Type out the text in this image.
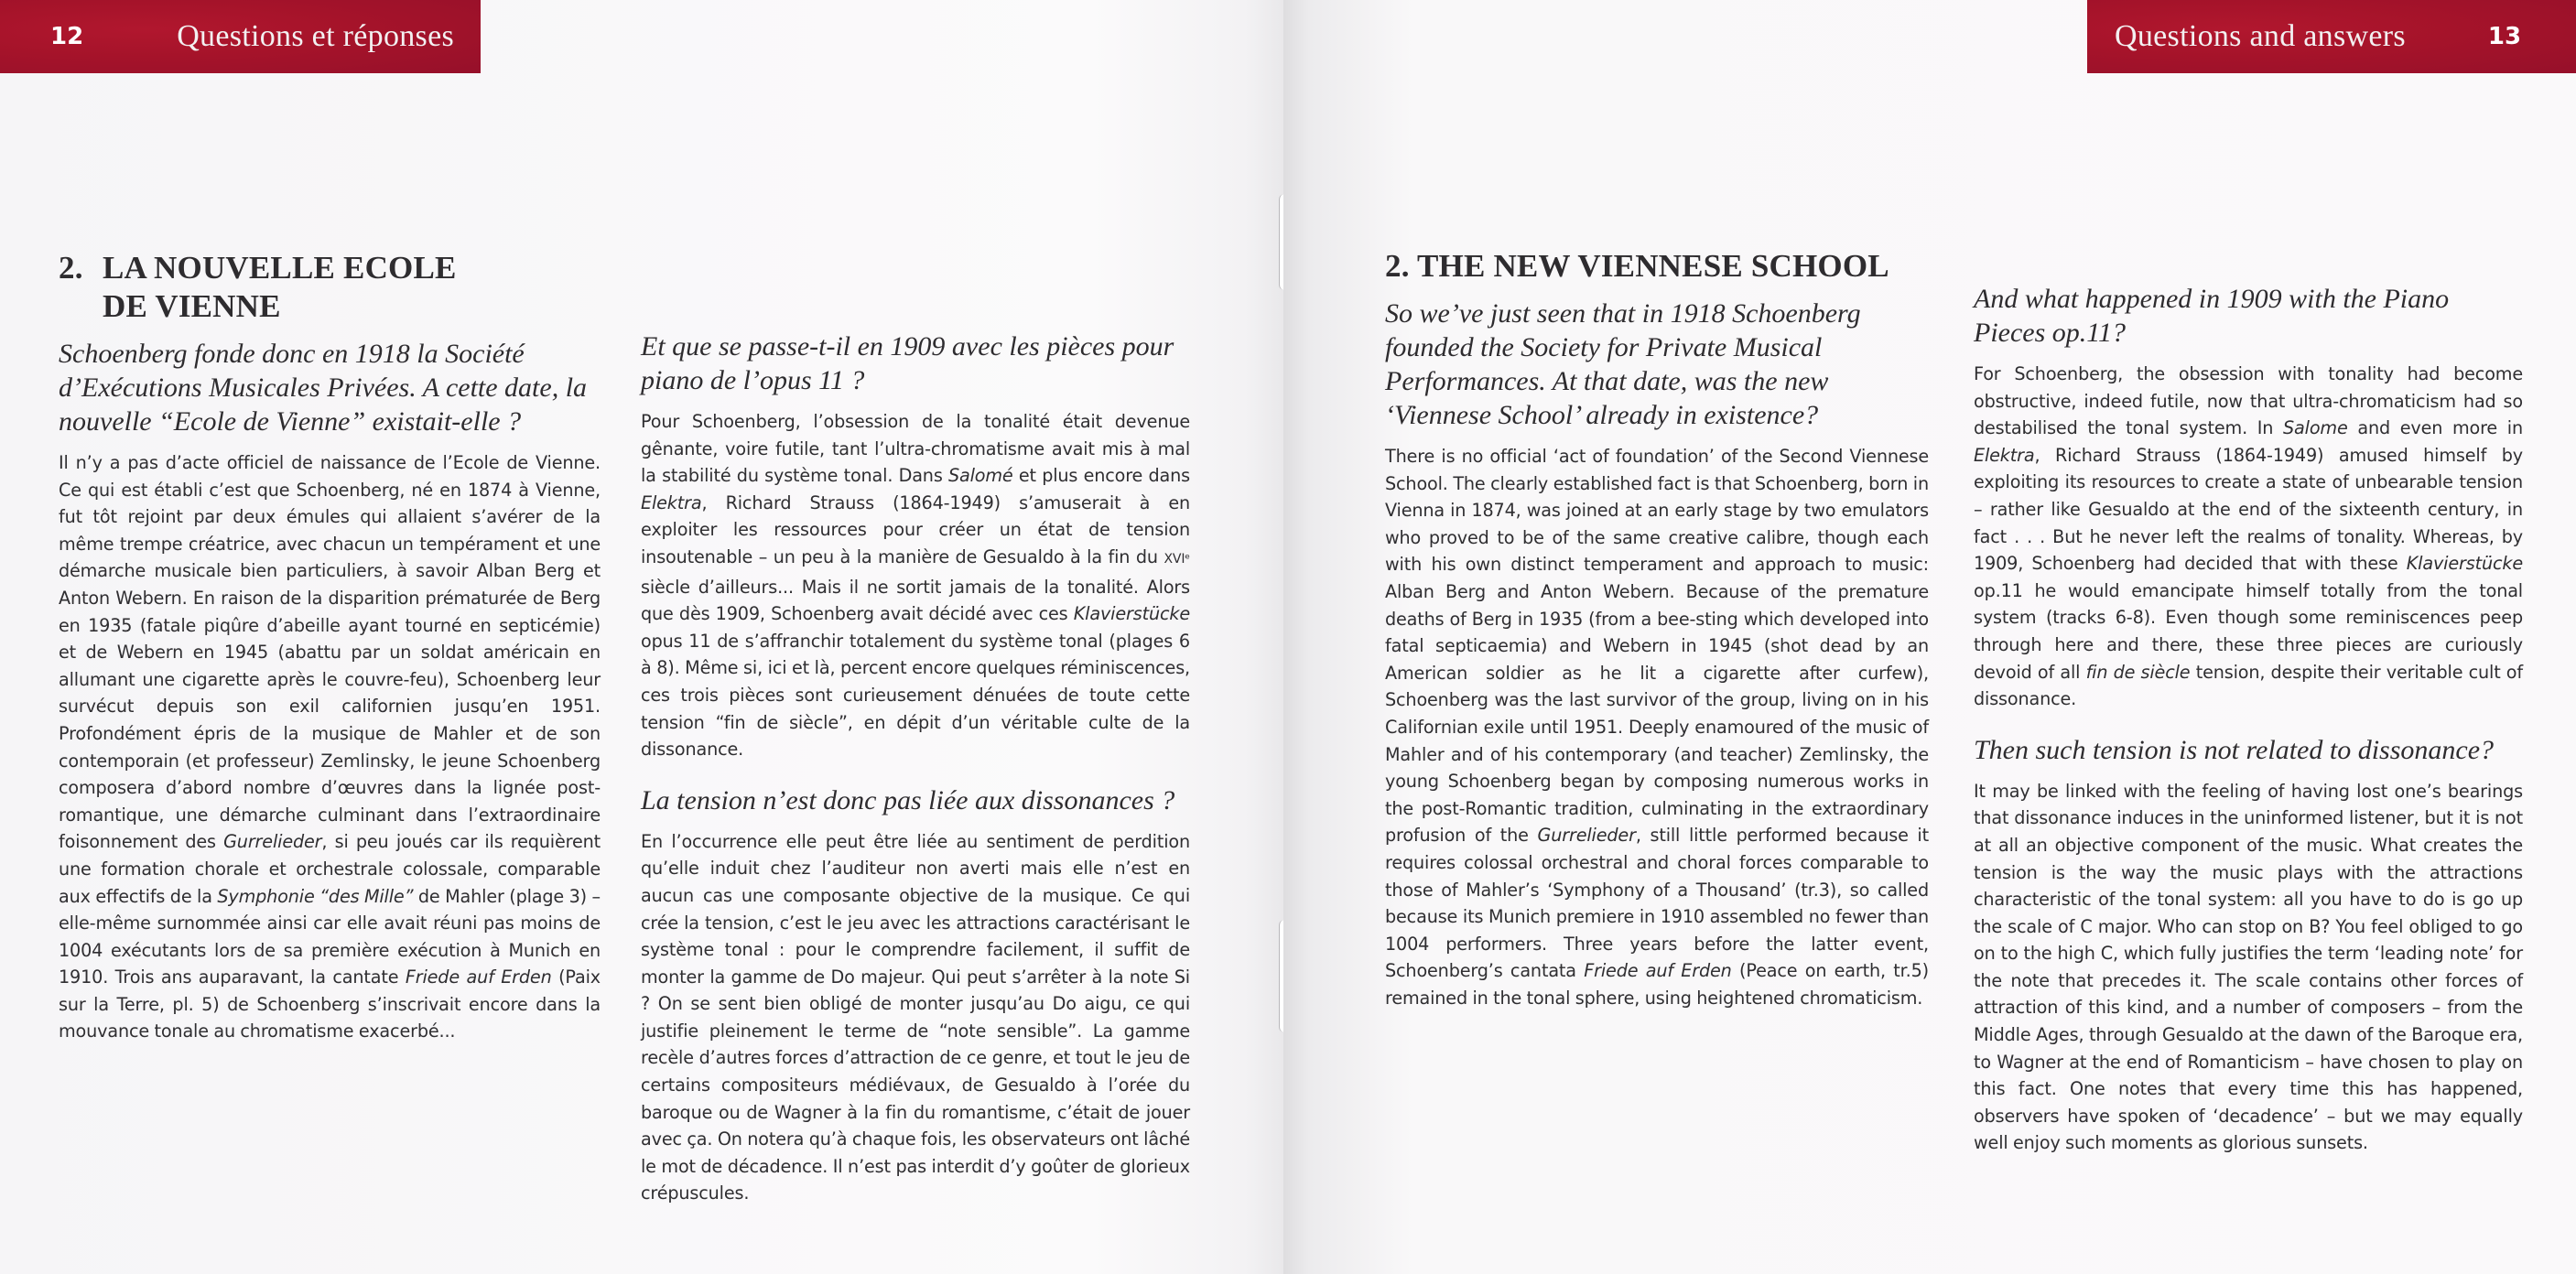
12	Questions et réponses
2. LA NOUVELLE ECOLE
DE VIENNE

Schoenberg fonde donc en 1918 la Société d’Exécutions Musicales Privées. A cette date, la nouvelle “Ecole de Vienne” existait-elle ?

Il n’y a pas d’acte officiel de naissance de l’Ecole de Vienne. Ce qui est établi c’est que Schoenberg, né en 1874 à Vienne, fut tôt rejoint par deux émules qui allaient s’avérer de la même trempe créatrice, avec chacun un tempérament et une démarche musicale bien particuliers, à savoir Alban Berg et Anton Webern. En raison de la disparition prématurée de Berg en 1935 (fatale piqûre d’abeille ayant tourné en septicémie) et de Webern en 1945 (abattu par un soldat américain en allumant une cigarette après le couvre-feu), Schoenberg leur survécut depuis son exil californien jusqu’en 1951. Profondément épris de la musique de Mahler et de son contemporain (et professeur) Zemlinsky, le jeune Schoenberg composera d’abord nombre d’œuvres dans la lignée post-romantique, une démarche culminant dans l’extraordinaire foisonnement des Gurrelieder, si peu joués car ils requièrent une formation chorale et orchestrale colossale, comparable aux effectifs de la Symphonie “des Mille” de Mahler (plage 3) – elle-même surnommée ainsi car elle avait réuni pas moins de 1004 exécutants lors de sa première exécution à Munich en 1910. Trois ans auparavant, la cantate Friede auf Erden (Paix sur la Terre, pl. 5) de Schoenberg s’inscrivait encore dans la mouvance tonale au chromatisme exacerbé...

Et que se passe-t-il en 1909 avec les pièces pour piano de l’opus 11 ?

Pour Schoenberg, l’obsession de la tonalité était devenue gênante, voire futile, tant l’ultra-chromatisme avait mis à mal la stabilité du système tonal. Dans Salomé et plus encore dans Elektra, Richard Strauss (1864-1949) s’amuserait à en exploiter les ressources pour créer un état de tension insoutenable – un peu à la manière de Gesualdo à la fin du XVIᵉ siècle d’ailleurs... Mais il ne sortit jamais de la tonalité. Alors que dès 1909, Schoenberg avait décidé avec ces Klavierstücke opus 11 de s’affranchir totalement du système tonal (plages 6 à 8). Même si, ici et là, percent encore quelques réminiscences, ces trois pièces sont curieusement dénuées de toute cette tension “fin de siècle”, en dépit d’un véritable culte de la dissonance.

La tension n’est donc pas liée aux dissonances ?

En l’occurrence elle peut être liée au sentiment de perdition qu’elle induit chez l’auditeur non averti mais elle n’est en aucun cas une composante objective de la musique. Ce qui crée la tension, c’est le jeu avec les attractions caractérisant le système tonal : pour le comprendre facilement, il suffit de monter la gamme de Do majeur. Qui peut s’arrêter à la note Si ? On se sent bien obligé de monter jusqu’au Do aigu, ce qui justifie pleinement le terme de “note sensible”. La gamme recèle d’autres forces d’attraction de ce genre, et tout le jeu de certains compositeurs médiévaux, de Gesualdo à l’orée du baroque ou de Wagner à la fin du romantisme, c’était de jouer avec ça. On notera qu’à chaque fois, les observateurs ont lâché le mot de décadence. Il n’est pas interdit d’y goûter de glorieux crépuscules.

Questions and answers	13
2. THE NEW VIENNESE SCHOOL

So we’ve just seen that in 1918 Schoenberg founded the Society for Private Musical Performances. At that date, was the new ‘Viennese School’ already in existence?

There is no official ‘act of foundation’ of the Second Viennese School. The clearly established fact is that Schoenberg, born in Vienna in 1874, was joined at an early stage by two emulators who proved to be of the same creative calibre, though each with his own distinct temperament and approach to music: Alban Berg and Anton Webern. Because of the premature deaths of Berg in 1935 (from a bee-sting which developed into fatal septicaemia) and Webern in 1945 (shot dead by an American soldier as he lit a cigarette after curfew), Schoenberg was the last survivor of the group, living on in his Californian exile until 1951. Deeply enamoured of the music of Mahler and of his contemporary (and teacher) Zemlinsky, the young Schoenberg began by composing numerous works in the post-Romantic tradition, culminating in the extraordinary profusion of the Gurrelieder, still little performed because it requires colossal orchestral and choral forces comparable to those of Mahler’s ‘Symphony of a Thousand’ (tr.3), so called because its Munich premiere in 1910 assembled no fewer than 1004 performers. Three years before the latter event, Schoenberg’s cantata Friede auf Erden (Peace on earth, tr.5) remained in the tonal sphere, using heightened chromaticism.

And what happened in 1909 with the Piano Pieces op.11?

For Schoenberg, the obsession with tonality had become obstructive, indeed futile, now that ultra-chromaticism had so destabilised the tonal system. In Salome and even more in Elektra, Richard Strauss (1864-1949) amused himself by exploiting its resources to create a state of unbearable tension – rather like Gesualdo at the end of the sixteenth century, in fact . . . But he never left the realms of tonality. Whereas, by 1909, Schoenberg had decided that with these Klavierstücke op.11 he would emancipate himself totally from the tonal system (tracks 6-8). Even though some reminiscences peep through here and there, these three pieces are curiously devoid of all fin de siècle tension, despite their veritable cult of dissonance.

Then such tension is not related to dissonance?

It may be linked with the feeling of having lost one’s bearings that dissonance induces in the uninformed listener, but it is not at all an objective component of the music. What creates the tension is the way the music plays with the attractions characteristic of the tonal system: all you have to do is go up the scale of C major. Who can stop on B? You feel obliged to go on to the high C, which fully justifies the term ‘leading note’ for the note that precedes it. The scale contains other forces of attraction of this kind, and a number of composers – from the Middle Ages, through Gesualdo at the dawn of the Baroque era, to Wagner at the end of Romanticism – have chosen to play on this fact. One notes that every time this has happened, observers have spoken of ‘decadence’ – but we may equally well enjoy such moments as glorious sunsets.
